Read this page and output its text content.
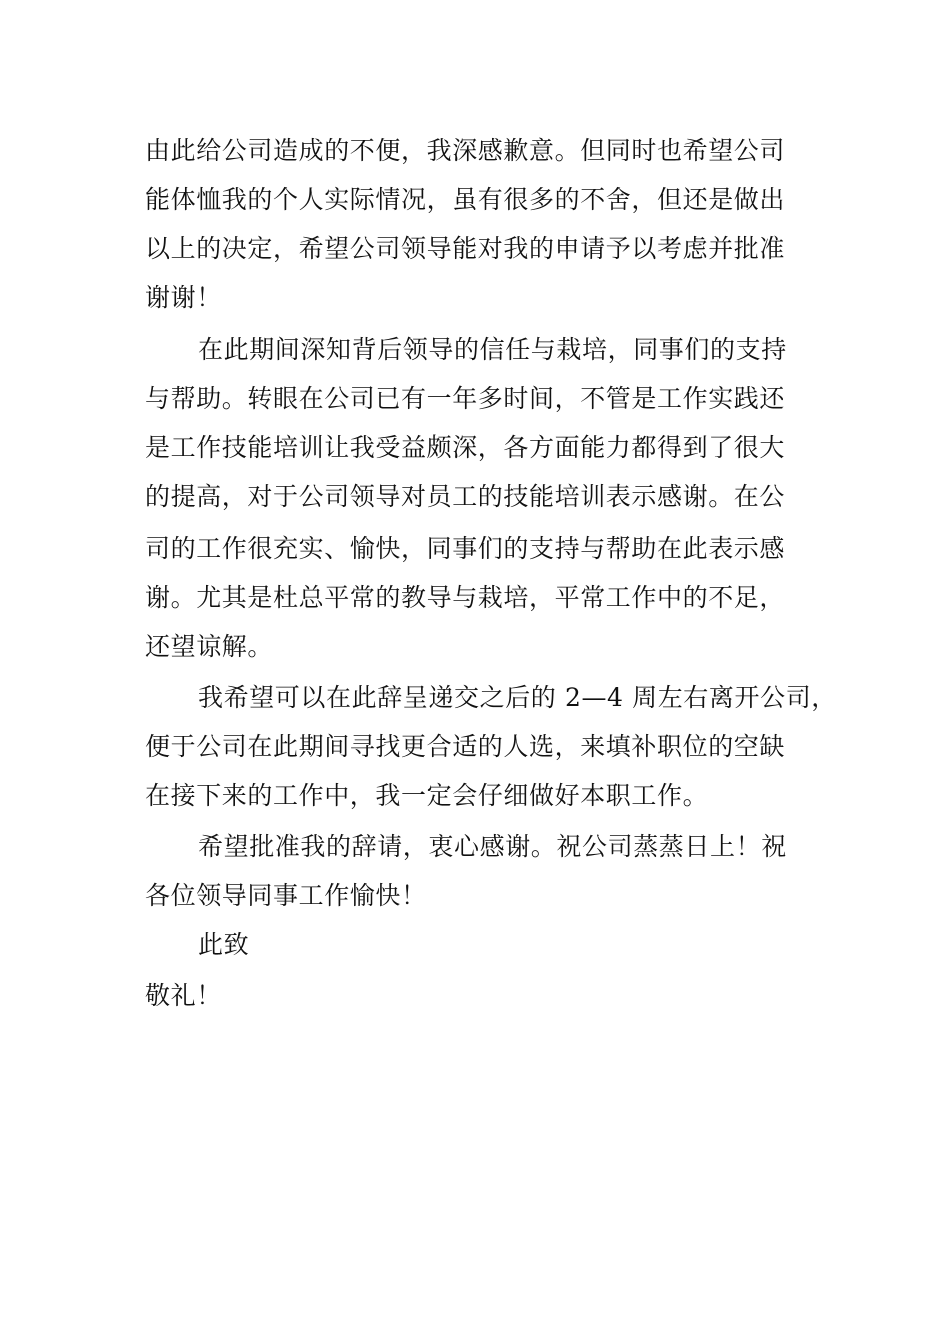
由此给公司造成的不便，我深感歉意。但同时也希望公司
能体恤我的个人实际情况，虽有很多的不舍，但还是做出
以上的决定，希望公司领导能对我的申请予以考虑并批准
谢谢！
在此期间深知背后领导的信任与栽培，同事们的支持
与帮助。转眼在公司已有一年多时间，不管是工作实践还
是工作技能培训让我受益颇深，各方面能力都得到了很大
的提高，对于公司领导对员工的技能培训表示感谢。在公
司的工作很充实、愉快，同事们的支持与帮助在此表示感
谢。尤其是杜总平常的教导与栽培，平常工作中的不足，
还望谅解。
我希望可以在此辞呈递交之后的 2—4 周左右离开公司，
便于公司在此期间寻找更合适的人选，来填补职位的空缺
在接下来的工作中，我一定会仔细做好本职工作。
希望批准我的辞请，衷心感谢。祝公司蒸蒸日上！祝
各位领导同事工作愉快！
此致
敬礼！
